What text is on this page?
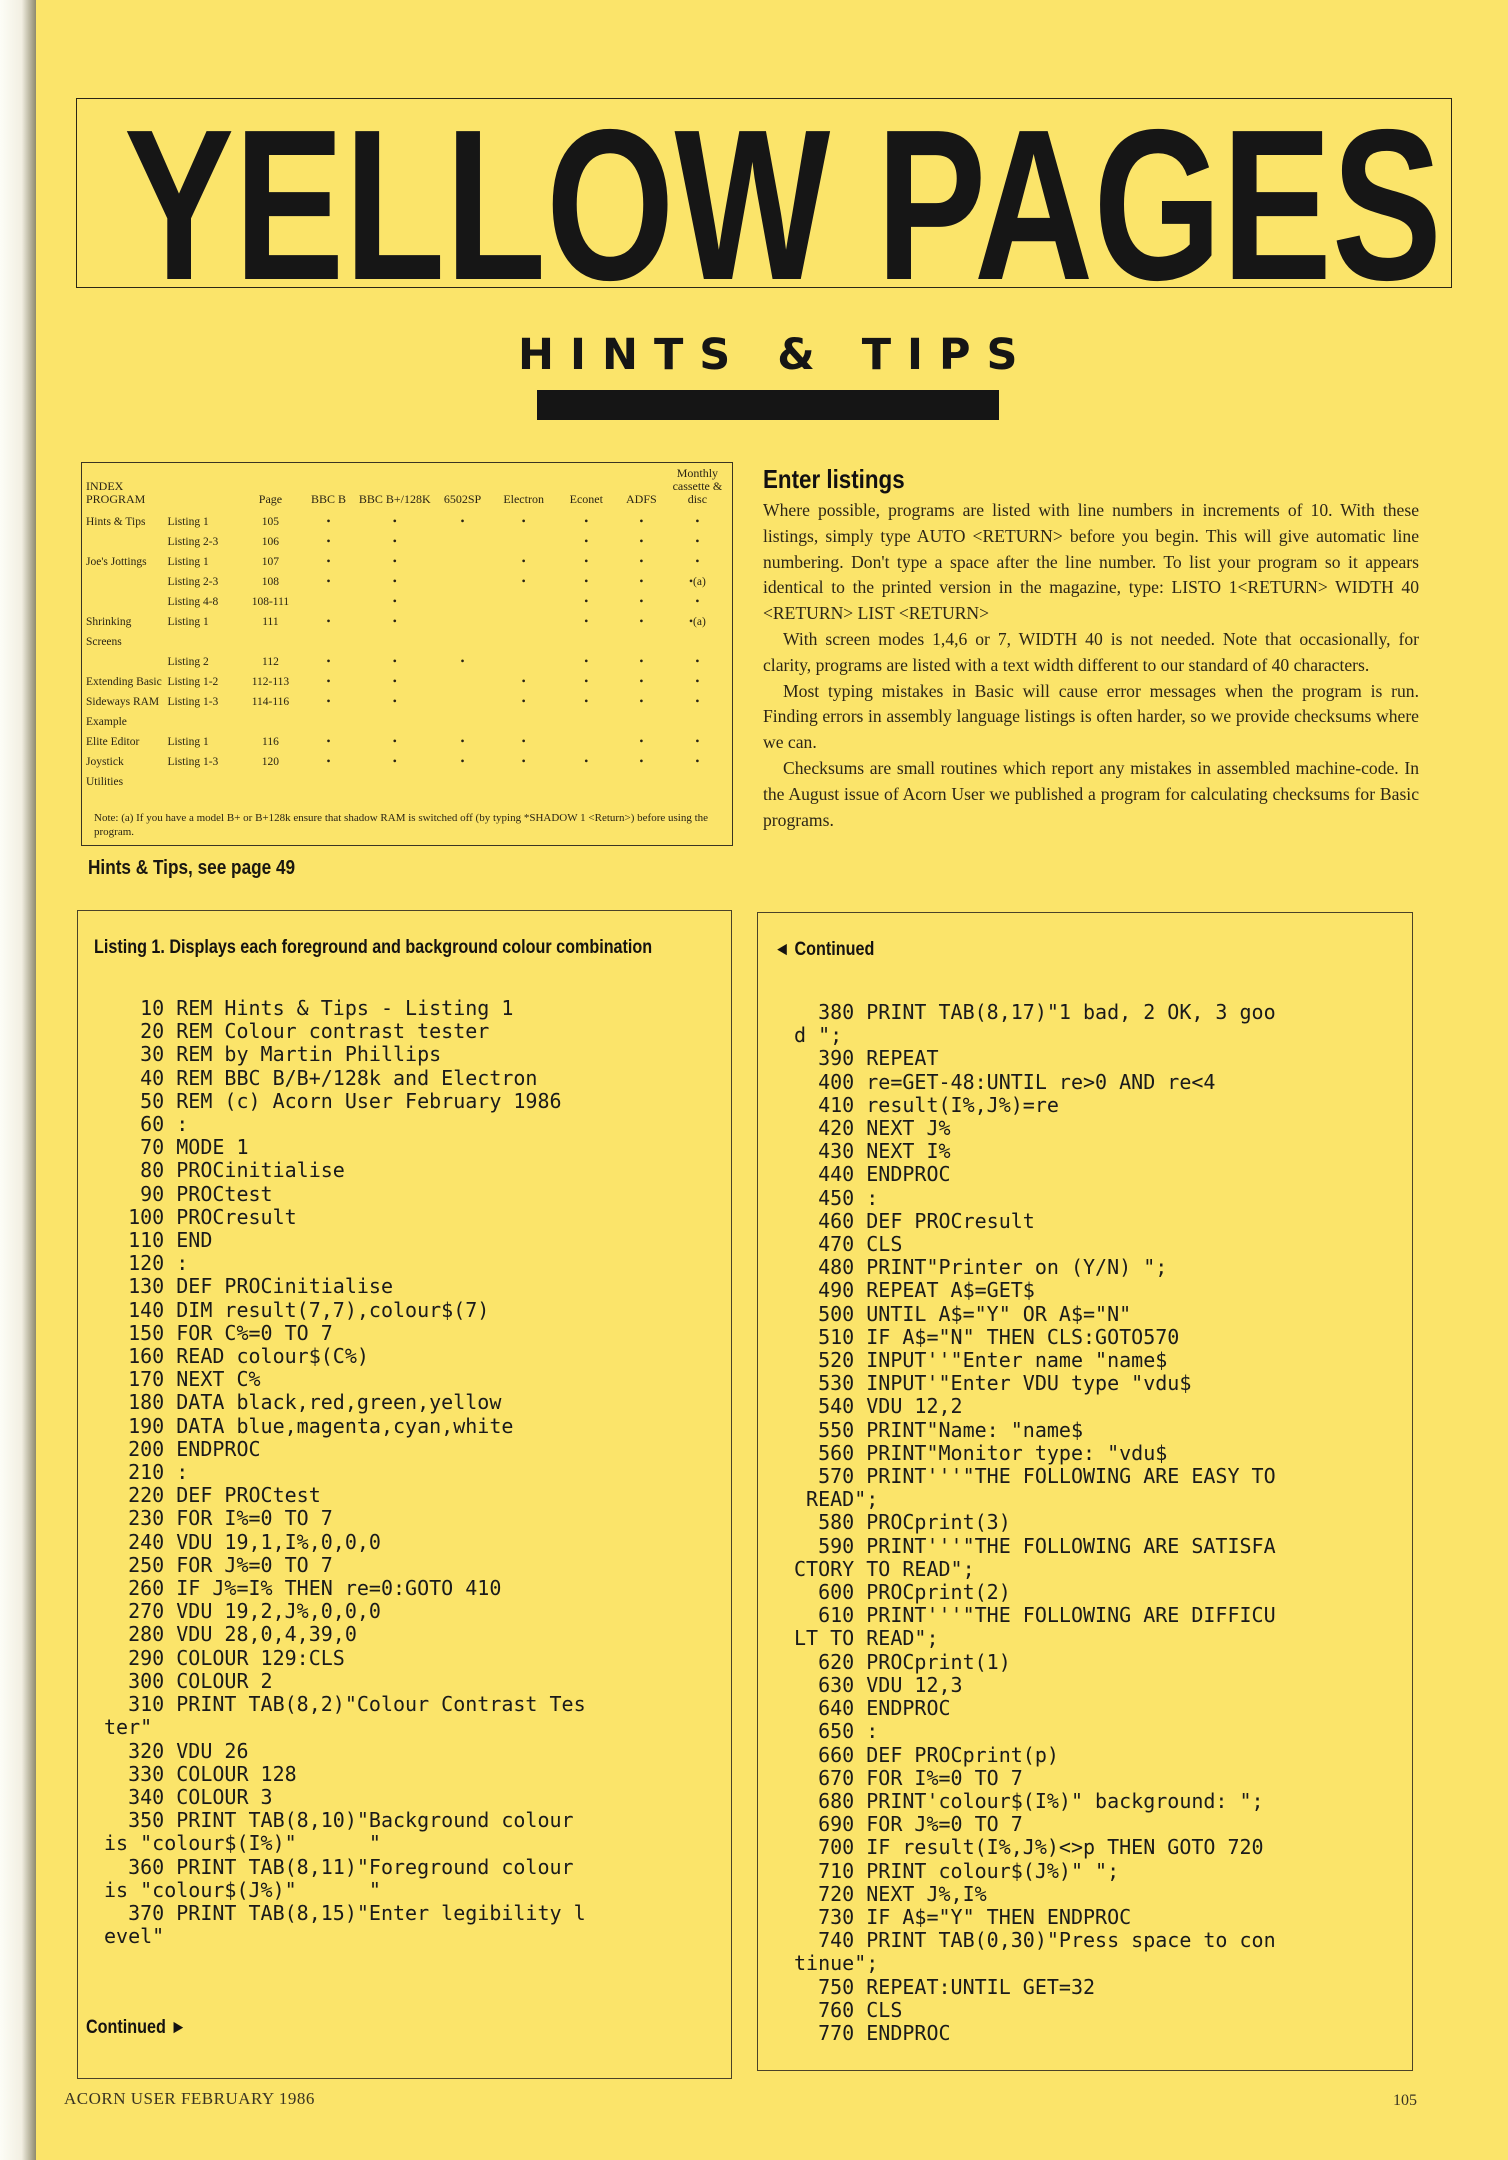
YELLOW PAGES
HINTS & TIPS
INDEX PROGRAM		Page	BBC B	BBC B+/128K	6502SP	Electron	Econet	ADFS	Monthly cassette & disc
Hints & Tips	Listing 1	105	•	•	•	•	•	•	•
	Listing 2-3	106	•	•			•	•	•
Joe's Jottings	Listing 1	107	•	•		•	•	•	•
	Listing 2-3	108	•	•		•	•	•	•(a)
	Listing 4-8	108-111		•			•	•	•
Shrinking	Listing 1	111	•	•			•	•	•(a)
Screens									
	Listing 2	112	•	•	•		•	•	•
Extending Basic	Listing 1-2	112-113	•	•		•	•	•	•
Sideways RAM	Listing 1-3	114-116	•	•		•	•	•	•
Example									
Elite Editor	Listing 1	116	•	•	•	•		•	•
Joystick	Listing 1-3	120	•	•	•	•	•	•	•
Utilities									
Note: (a) If you have a model B+ or B+128k ensure that shadow RAM is switched off (by typing *SHADOW 1 <Return>) before using the program.
Hints & Tips, see page 49
Enter listings

Where possible, programs are listed with line numbers in increments of 10. With these listings, simply type AUTO <RETURN> before you begin. This will give automatic line numbering. Don't type a space after the line number. To list your program so it appears identical to the printed version in the magazine, type: LISTO 1<RETURN> WIDTH 40 <RETURN> LIST <RETURN>

With screen modes 1,4,6 or 7, WIDTH 40 is not needed. Note that occasionally, for clarity, programs are listed with a text width different to our standard of 40 characters.

Most typing mistakes in Basic will cause error messages when the program is run. Finding errors in assembly language listings is often harder, so we provide checksums where we can.

Checksums are small routines which report any mistakes in assembled machine-code. In the August issue of Acorn User we published a program for calculating checksums for Basic programs.

Listing 1. Displays each foreground and background colour combination
10 REM Hints & Tips - Listing 1
20 REM Colour contrast tester
30 REM by Martin Phillips
40 REM BBC B/B+/128k and Electron
50 REM (c) Acorn User February 1986
60 :
70 MODE 1
80 PROCinitialise
90 PROCtest
100 PROCresult
110 END
120 :
130 DEF PROCinitialise
140 DIM result(7,7),colour$(7)
150 FOR C%=0 TO 7
160 READ colour$(C%)
170 NEXT C%
180 DATA black,red,green,yellow
190 DATA blue,magenta,cyan,white
200 ENDPROC
210 :
220 DEF PROCtest
230 FOR I%=0 TO 7
240 VDU 19,1,I%,0,0,0
250 FOR J%=0 TO 7
260 IF J%=I% THEN re=0:GOTO 410
270 VDU 19,2,J%,0,0,0
280 VDU 28,0,4,39,0
290 COLOUR 129:CLS
300 COLOUR 2
310 PRINT TAB(8,2)"Colour Contrast Tes
ter"
320 VDU 26
330 COLOUR 128
340 COLOUR 3
350 PRINT TAB(8,10)"Background colour
is "colour$(I%)"      "
360 PRINT TAB(8,11)"Foreground colour
is "colour$(J%)"      "
370 PRINT TAB(8,15)"Enter legibility l
evel"
Continued ►
◄ Continued
380 PRINT TAB(8,17)"1 bad, 2 OK, 3 goo
d ";
390 REPEAT
400 re=GET-48:UNTIL re>0 AND re<4
410 result(I%,J%)=re
420 NEXT J%
430 NEXT I%
440 ENDPROC
450 :
460 DEF PROCresult
470 CLS
480 PRINT"Printer on (Y/N) ";
490 REPEAT A$=GET$
500 UNTIL A$="Y" OR A$="N"
510 IF A$="N" THEN CLS:GOTO570
520 INPUT''"Enter name "name$
530 INPUT'"Enter VDU type "vdu$
540 VDU 12,2
550 PRINT"Name: "name$
560 PRINT"Monitor type: "vdu$
570 PRINT'''"THE FOLLOWING ARE EASY TO
READ";
580 PROCprint(3)
590 PRINT'''"THE FOLLOWING ARE SATISFA
CTORY TO READ";
600 PROCprint(2)
610 PRINT'''"THE FOLLOWING ARE DIFFICU
LT TO READ";
620 PROCprint(1)
630 VDU 12,3
640 ENDPROC
650 :
660 DEF PROCprint(p)
670 FOR I%=0 TO 7
680 PRINT'colour$(I%)" background: ";
690 FOR J%=0 TO 7
700 IF result(I%,J%)<>p THEN GOTO 720
710 PRINT colour$(J%)" ";
720 NEXT J%,I%
730 IF A$="Y" THEN ENDPROC
740 PRINT TAB(0,30)"Press space to con
tinue";
750 REPEAT:UNTIL GET=32
760 CLS
770 ENDPROC
ACORN USER FEBRUARY 1986	105
